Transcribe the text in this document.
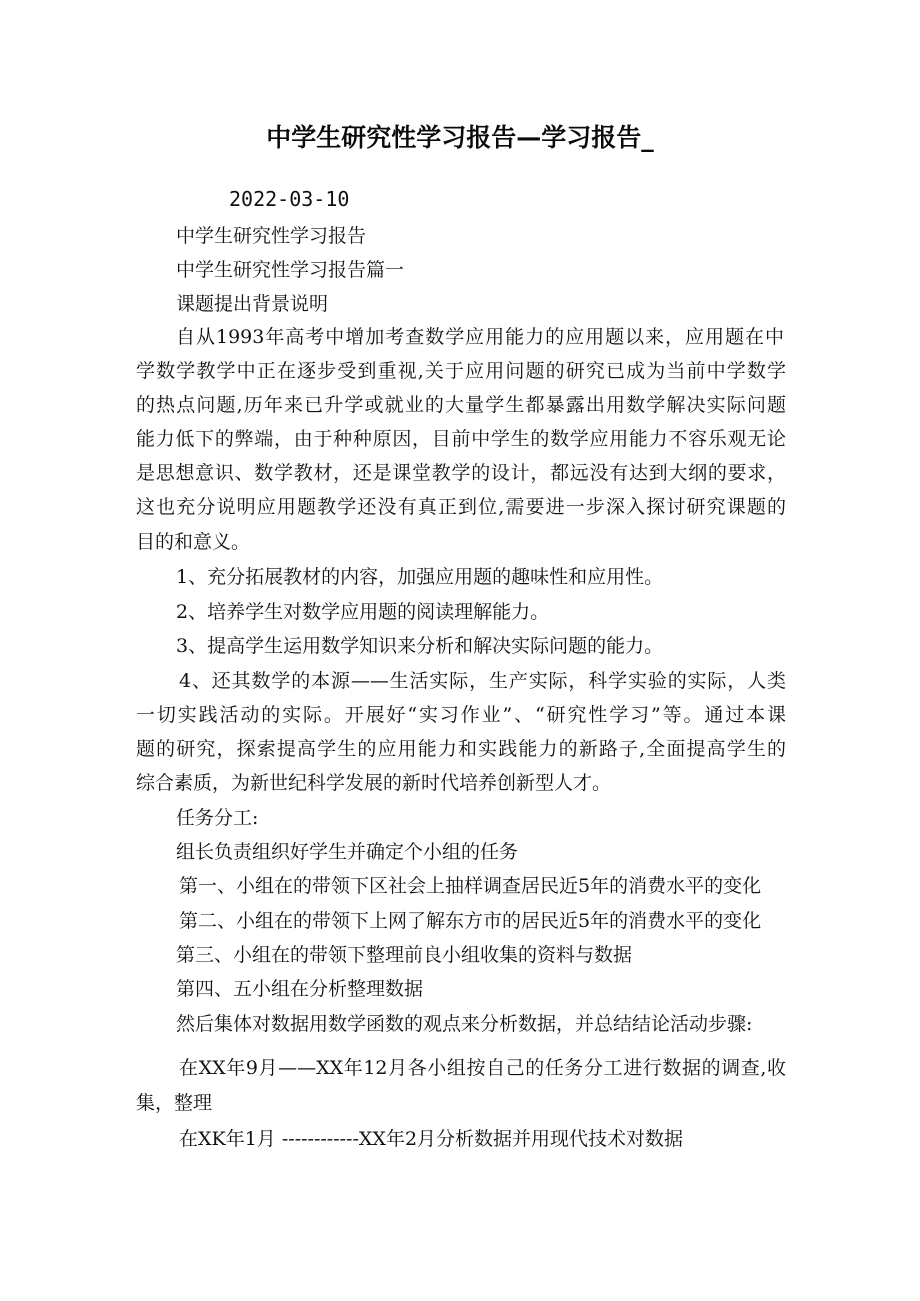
中学生研究性学习报告—学习报告_
2022-03-10
中学生研究性学习报告
中学生研究性学习报告篇一
课题提出背景说明
自从1993年高考中增加考查数学应用能力的应用题以来，应用题在中
学数学教学中正在逐步受到重视,关于应用问题的研究已成为当前中学数学
的热点问题,历年来已升学或就业的大量学生都暴露出用数学解决实际问题
能力低下的弊端，由于种种原因，目前中学生的数学应用能力不容乐观无论
是思想意识、数学教材，还是课堂教学的设计，都远没有达到大纲的要求，
这也充分说明应用题教学还没有真正到位,需要进一步深入探讨研究课题的
目的和意义。
1、充分拓展教材的内容，加强应用题的趣味性和应用性。
2、培养学生对数学应用题的阅读理解能力。
3、提高学生运用数学知识来分析和解决实际问题的能力。
4、还其数学的本源——生活实际，生产实际，科学实验的实际，人类
一切实践活动的实际。开展好“实习作业”、“研究性学习”等。通过本课
题的研究，探索提高学生的应用能力和实践能力的新路子,全面提高学生的
综合素质，为新世纪科学发展的新时代培养创新型人才。
任务分工:
组长负责组织好学生并确定个小组的任务
第一、小组在的带领下区社会上抽样调查居民近5年的消费水平的变化
第二、小组在的带领下上网了解东方市的居民近5年的消费水平的变化
第三、小组在的带领下整理前良小组收集的资料与数据
第四、五小组在分析整理数据
然后集体对数据用数学函数的观点来分析数据，并总结结论活动步骤:
在XX年9月——XX年12月各小组按自己的任务分工进行数据的调查,收
集，整理
在XK年1月 ------------XX年2月分析数据并用现代技术对数据
